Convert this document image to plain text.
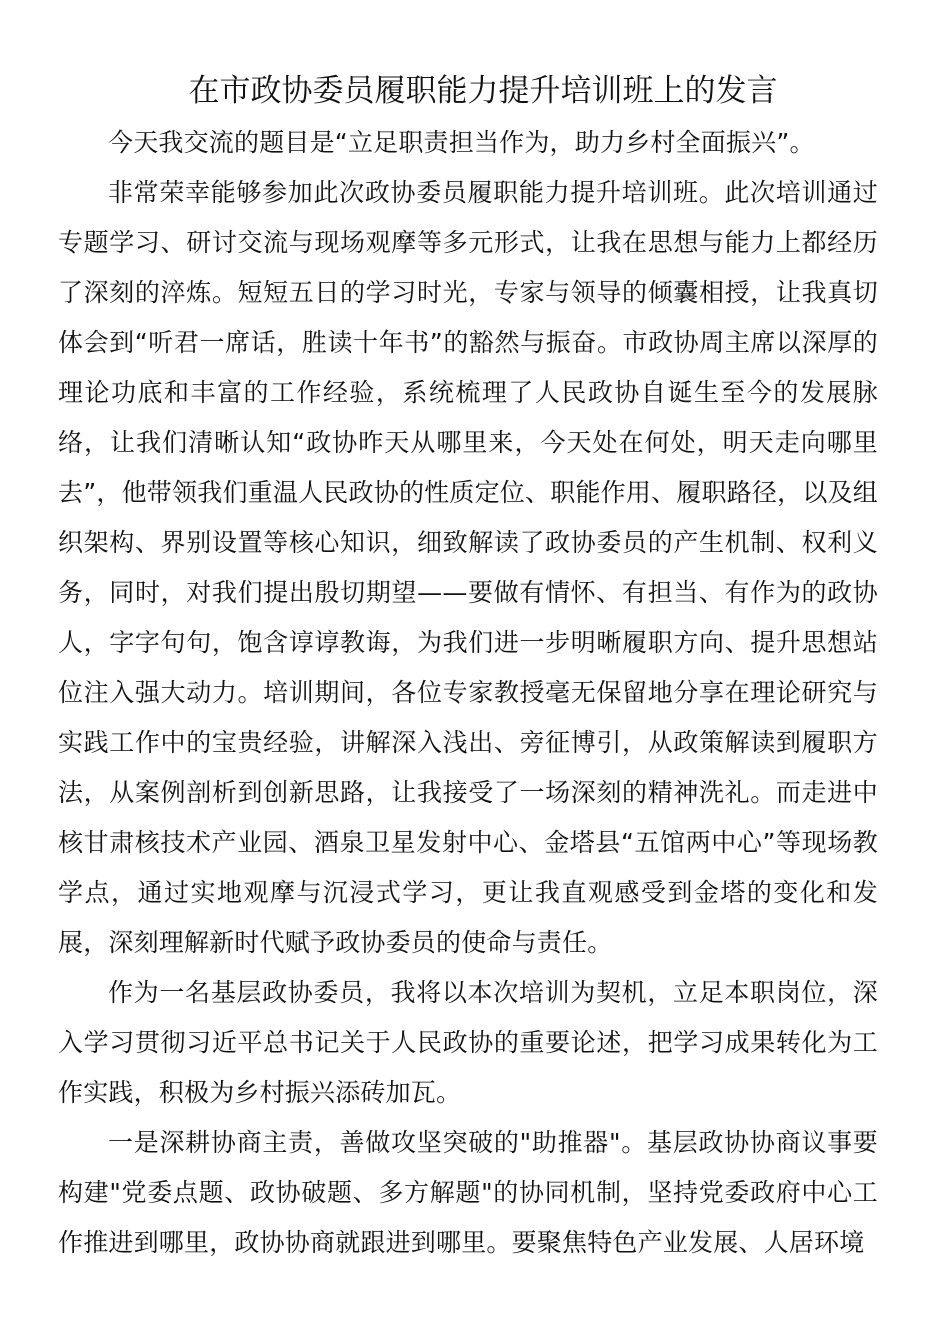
在市政协委员履职能力提升培训班上的发言

今天我交流的题目是“立足职责担当作为，助力乡村全面振兴”。

非常荣幸能够参加此次政协委员履职能力提升培训班。此次培训通过专题学习、研讨交流与现场观摩等多元形式，让我在思想与能力上都经历了深刻的淬炼。短短五日的学习时光，专家与领导的倾囊相授，让我真切体会到“听君一席话，胜读十年书”的豁然与振奋。市政协周主席以深厚的理论功底和丰富的工作经验，系统梳理了人民政协自诞生至今的发展脉络，让我们清晰认知“政协昨天从哪里来，今天处在何处，明天走向哪里去”，他带领我们重温人民政协的性质定位、职能作用、履职路径，以及组织架构、界别设置等核心知识，细致解读了政协委员的产生机制、权利义务，同时，对我们提出殷切期望——要做有情怀、有担当、有作为的政协人，字字句句，饱含谆谆教诲，为我们进一步明晰履职方向、提升思想站位注入强大动力。培训期间，各位专家教授毫无保留地分享在理论研究与实践工作中的宝贵经验，讲解深入浅出、旁征博引，从政策解读到履职方法，从案例剖析到创新思路，让我接受了一场深刻的精神洗礼。而走进中核甘肃核技术产业园、酒泉卫星发射中心、金塔县“五馆两中心”等现场教学点，通过实地观摩与沉浸式学习，更让我直观感受到金塔的变化和发展，深刻理解新时代赋予政协委员的使命与责任。

作为一名基层政协委员，我将以本次培训为契机，立足本职岗位，深入学习贯彻习近平总书记关于人民政协的重要论述，把学习成果转化为工作实践，积极为乡村振兴添砖加瓦。

一是深耕协商主责，善做攻坚突破的"助推器"。基层政协协商议事要构建"党委点题、政协破题、多方解题"的协同机制，坚持党委政府中心工作推进到哪里，政协协商就跟进到哪里。要聚焦特色产业发展、人居环境
